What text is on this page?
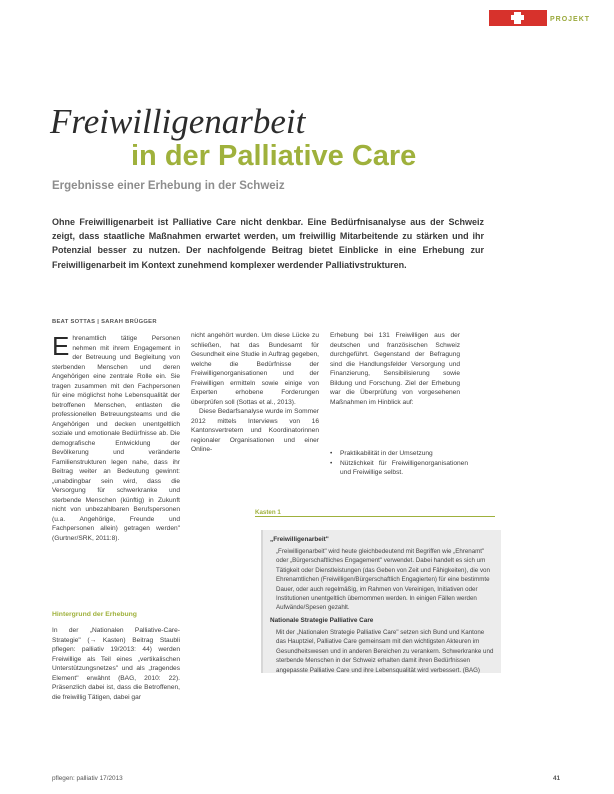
PROJEKT
Freiwilligenarbeit
in der Palliative Care
Ergebnisse einer Erhebung in der Schweiz
Ohne Freiwilligenarbeit ist Palliative Care nicht denkbar. Eine Bedürfnisanalyse aus der Schweiz zeigt, dass staatliche Maßnahmen erwartet werden, um freiwillig Mitarbeitende zu stärken und ihr Potenzial besser zu nutzen. Der nachfolgende Beitrag bietet Einblicke in eine Erhebung zur Freiwilligenarbeit im Kontext zunehmend komplexer werdender Palliativstrukturen.
BEAT SOTTAS | SARAH BRÜGGER
E hrenamtlich tätige Personen nehmen mit ihrem Engagement in der Betreuung und Begleitung von sterbenden Menschen und deren Angehörigen eine zentrale Rolle ein. Sie tragen zusammen mit den Fachpersonen für eine möglichst hohe Lebensqualität der betroffenen Menschen, entlasten die professionellen Betreuungsteams und die Angehörigen und decken unentgeltlich soziale und emotionale Bedürfnisse ab. Die demografische Entwicklung der Bevölkerung und veränderte Familienstrukturen legen nahe, dass ihr Beitrag weiter an Bedeutung gewinnt: „unabdingbar sein wird, dass die Versorgung für schwerkranke und sterbende Menschen (künftig) in Zukunft nicht von unbezahlbaren Berufspersonen (u.a. Angehörige, Freunde und Fachpersonen allein) getragen werden" (Gurtner/SRK, 2011:8).
Hintergrund der Erhebung
In der „Nationalen Palliative-Care-Strategie" (→ Kasten) Beitrag Staubli pflegen: palliativ 19/2013: 44) werden Freiwillige als Teil eines „vertikalischen Unterstützungsnetzes" und als „tragendes Element" erwähnt (BAG, 2010: 22). Präsenzlich dabei ist, dass die Betroffenen, die freiwillig Tätigen, dabei gar
nicht angehört wurden. Um diese Lücke zu schließen, hat das Bundesamt für Gesundheit eine Studie in Auftrag gegeben, welche die Bedürfnisse der Freiwilligenorganisationen und der Freiwilligen ermitteln sowie einige von Experten erhobene Forderungen überprüfen soll (Sottas et al., 2013).
Diese Bedarfsanalyse wurde im Sommer 2012 mittels Interviews von 16 Kantonsvertretern und Koordinatorinnen regionaler Organisationen und einer Online-
Erhebung bei 131 Freiwilligen aus der deutschen und französischen Schweiz durchgeführt. Gegenstand der Befragung sind die Handlungsfelder Versorgung und Finanzierung, Sensibilisierung sowie Bildung und Forschung. Ziel der Erhebung war die Überprüfung von vorgesehenen Maßnahmen im Hinblick auf:
• Praktikabilität in der Umsetzung
• Nützlichkeit für Freiwilligenorganisationen und Freiwillige selbst.
Kasten 1
„Freiwilligenarbeit"
„Freiwilligenarbeit" wird heute gleichbedeutend mit Begriffen wie „Ehrenamt" oder „Bürgerschaftliches Engagement" verwendet. Dabei handelt es sich um Tätigkeit oder Dienstleistungen (das Geben von Zeit und Fähigkeiten), die von Ehrenamtlichen (Freiwilligen/Bürgerschaftlich Engagierten) für eine bestimmte Dauer, oder auch regelmäßig, im Rahmen von Vereinigen, Initiativen oder Institutionen unentgeltlich übernommen werden. In einigen Fällen werden Aufwände/Spesen gezahlt.
Nationale Strategie Palliative Care
Mit der „Nationalen Strategie Palliative Care" setzen sich Bund und Kantone das Hauptziel, Palliative Care gemeinsam mit den wichtigsten Akteuren im Gesundheitswesen und in anderen Bereichen zu verankern. Schwerkranke und sterbende Menschen in der Schweiz erhalten damit ihren Bedürfnissen angepasste Palliative Care und ihre Lebensqualität wird verbessert. (BAG)
pflegen: palliativ 17/2013	41
